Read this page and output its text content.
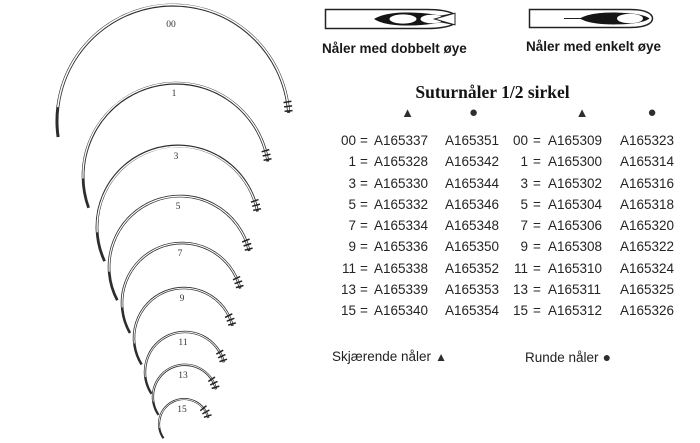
00
1
3
5
7
9
11
13
15
Nåler med dobbelt øye	Nåler med enkelt øye
Suturnåler 1/2 sirkel
▲	●	▲	●
00 = A165337	A165351	00 = A165309	A165323
1 = A165328	A165342	1 = A165300	A165314
3 = A165330	A165344	3 = A165302	A165316
5 = A165332	A165346	5 = A165304	A165318
7 = A165334	A165348	7 = A165306	A165320
9 = A165336	A165350	9 = A165308	A165322
11 = A165338	A165352	11 = A165310	A165324
13 = A165339	A165353	13 = A165311	A165325
15 = A165340	A165354	15 = A165312	A165326
Skjærende nåler ▲	Runde nåler ●
